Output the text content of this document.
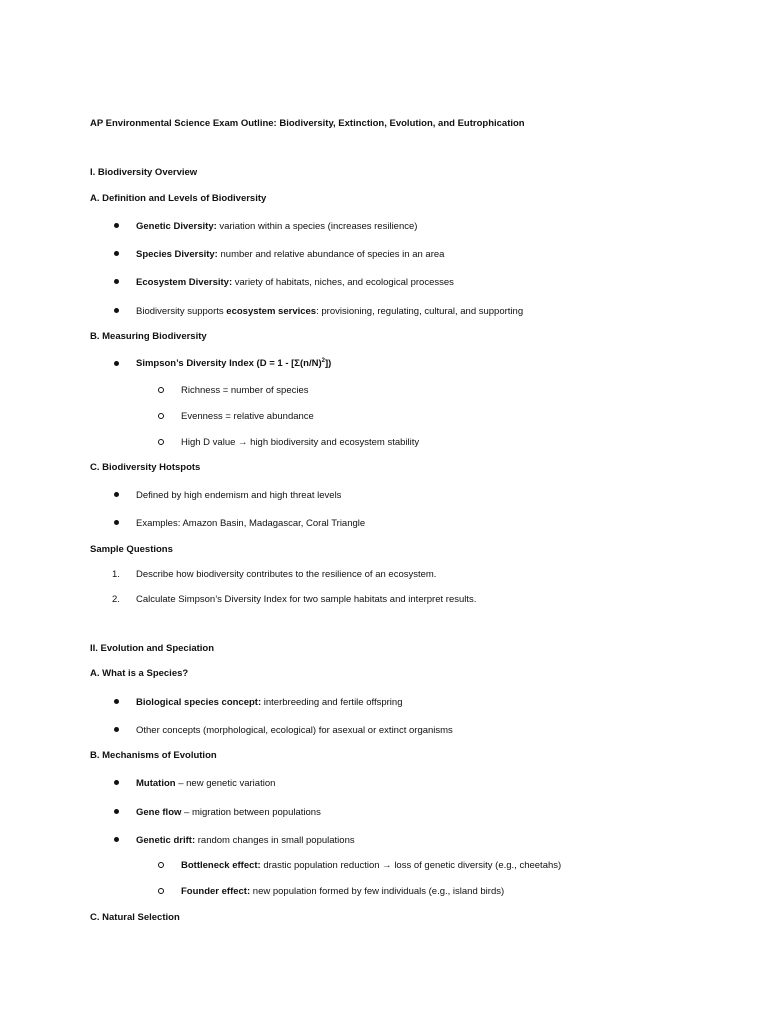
AP Environmental Science Exam Outline: Biodiversity, Extinction, Evolution, and Eutrophication
I. Biodiversity Overview
A. Definition and Levels of Biodiversity
Genetic Diversity: variation within a species (increases resilience)
Species Diversity: number and relative abundance of species in an area
Ecosystem Diversity: variety of habitats, niches, and ecological processes
Biodiversity supports ecosystem services: provisioning, regulating, cultural, and supporting
B. Measuring Biodiversity
Simpson’s Diversity Index $(D = 1 - [\Sigma(n/N)^2])$
Richness = number of species
Evenness = relative abundance
High D value → high biodiversity and ecosystem stability
C. Biodiversity Hotspots
Defined by high endemism and high threat levels
Examples: Amazon Basin, Madagascar, Coral Triangle
Sample Questions
1. Describe how biodiversity contributes to the resilience of an ecosystem.
2. Calculate Simpson’s Diversity Index for two sample habitats and interpret results.
II. Evolution and Speciation
A. What is a Species?
Biological species concept: interbreeding and fertile offspring
Other concepts (morphological, ecological) for asexual or extinct organisms
B. Mechanisms of Evolution
Mutation – new genetic variation
Gene flow – migration between populations
Genetic drift: random changes in small populations
Bottleneck effect: drastic population reduction → loss of genetic diversity (e.g., cheetahs)
Founder effect: new population formed by few individuals (e.g., island birds)
C. Natural Selection
